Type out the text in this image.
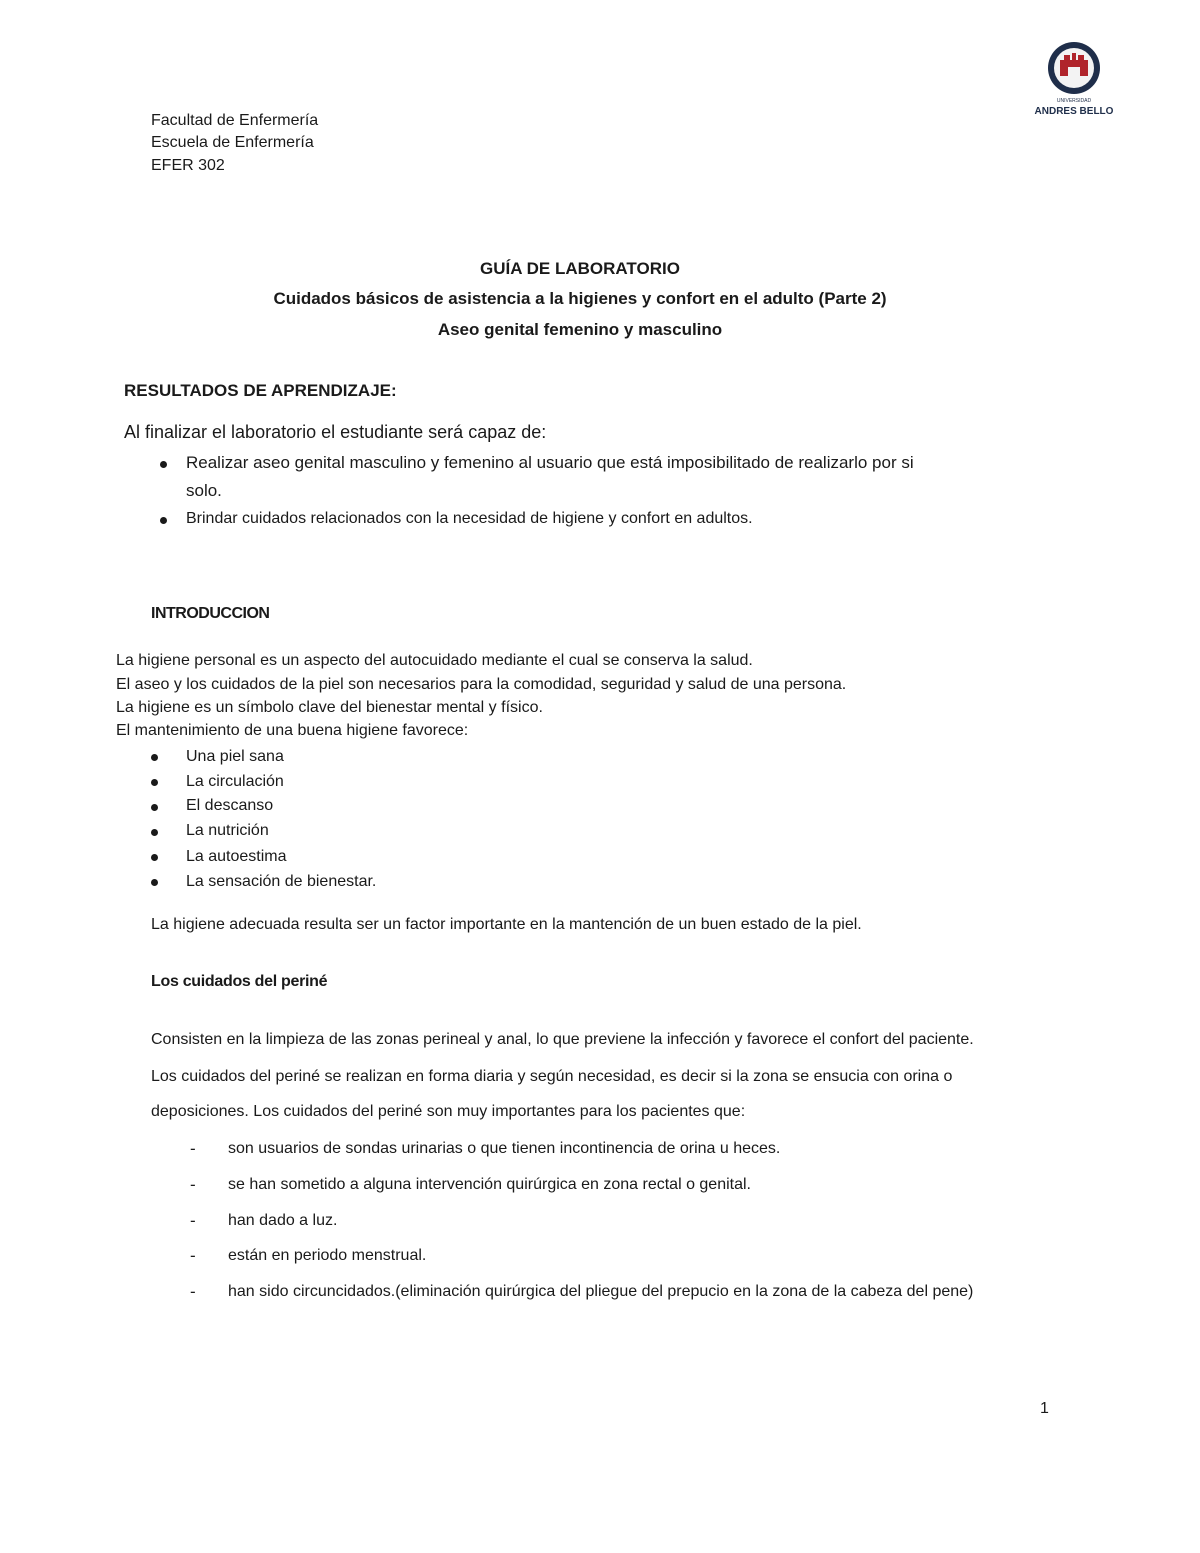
Facultad de Enfermería
Escuela de Enfermería
EFER 302
UNIVERSIDAD
ANDRES BELLO
GUÍA DE LABORATORIO
Cuidados básicos de asistencia a la higienes y confort en el adulto (Parte 2)
Aseo genital femenino y masculino
RESULTADOS DE APRENDIZAJE:
Al finalizar el laboratorio el estudiante será capaz de:
Realizar aseo genital masculino y femenino al usuario que está imposibilitado de realizarlo por si
solo.
Brindar cuidados relacionados con la necesidad de higiene y confort en adultos.
INTRODUCCION
La higiene personal es un aspecto del autocuidado mediante el cual se conserva la salud.
El aseo y los cuidados de la piel son necesarios para la comodidad, seguridad y salud de una persona.
La higiene es un símbolo clave del bienestar mental y físico.
El mantenimiento de una buena higiene favorece:
Una piel sana
La circulación
El descanso
La nutrición
La autoestima
La sensación de bienestar.
La higiene adecuada resulta ser un factor importante en la mantención de un buen estado de la piel.
Los cuidados del periné
Consisten en la limpieza de las zonas perineal y anal, lo que previene la infección y favorece el confort del paciente.
Los cuidados del periné se realizan en forma diaria y según necesidad, es decir si la zona se ensucia con orina o
deposiciones. Los cuidados del periné son muy importantes para los pacientes que:
- son usuarios de sondas urinarias o que tienen incontinencia de orina u heces.
- se han sometido a alguna intervención quirúrgica en zona rectal o genital.
- han dado a luz.
- están en periodo menstrual.
- han sido circuncidados.(eliminación quirúrgica del pliegue del prepucio en la zona de la cabeza del pene)
1
